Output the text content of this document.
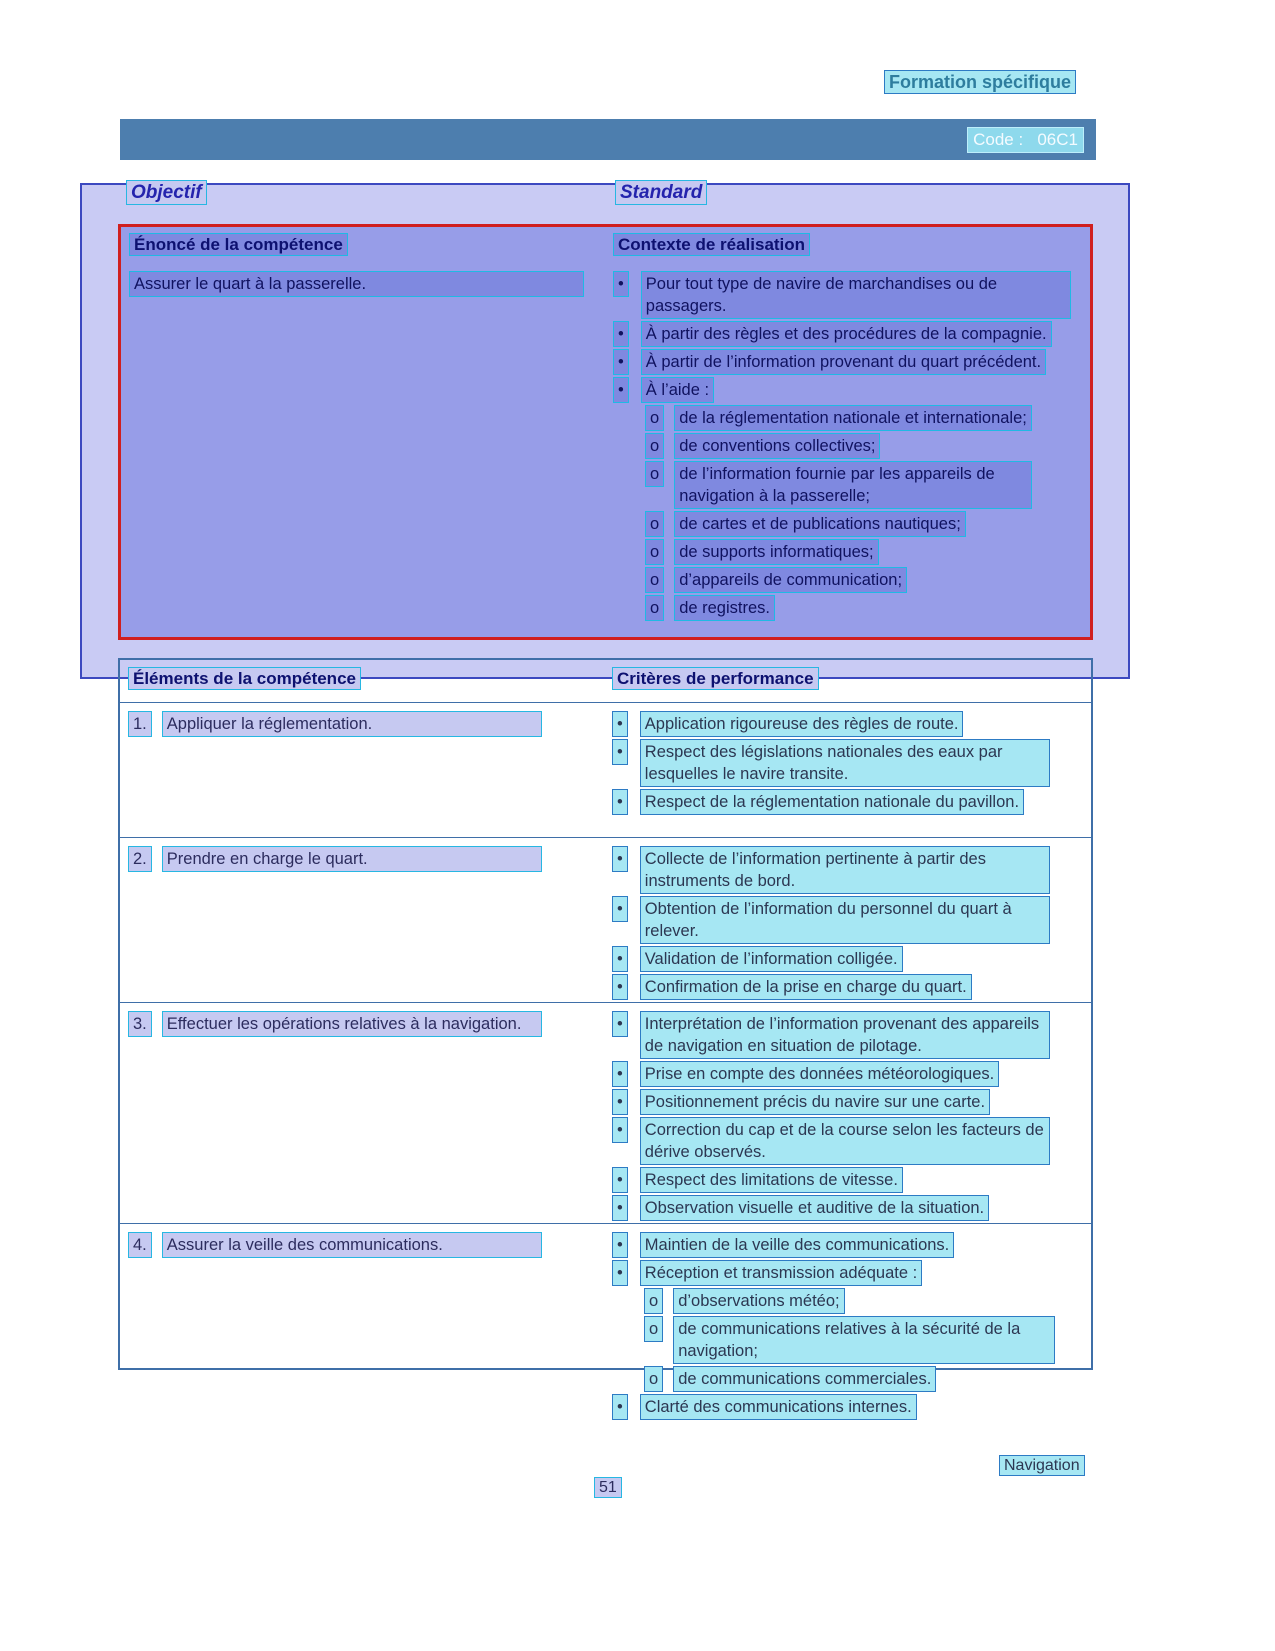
Formation spécifique
Code :   06C1
Objectif	Standard
Énoncé de la compétence	Contexte de réalisation
Assurer le quart à la passerelle.	•	Pour tout type de navire de marchandises ou de passagers.
•	À partir des règles et des procédures de la compagnie.
•	À partir de l’information provenant du quart précédent.
•	À l’aide :
o	de la réglementation nationale et internationale;
o	de conventions collectives;
o	de l’information fournie par les appareils de navigation à la passerelle;
o	de cartes et de publications nautiques;
o	de supports informatiques;
o	d’appareils de communication;
o	de registres.
Éléments de la compétence	Critères de performance
1.	Appliquer la réglementation.	•	Application rigoureuse des règles de route.
•	Respect des législations nationales des eaux par lesquelles le navire transite.
•	Respect de la réglementation nationale du pavillon.
2.	Prendre en charge le quart.	•	Collecte de l’information pertinente à partir des instruments de bord.
•	Obtention de l’information du personnel du quart à relever.
•	Validation de l’information colligée.
•	Confirmation de la prise en charge du quart.
3.	Effectuer les opérations relatives à la navigation.	•	Interprétation de l’information provenant des appareils de navigation en situation de pilotage.
•	Prise en compte des données météorologiques.
•	Positionnement précis du navire sur une carte.
•	Correction du cap et de la course selon les facteurs de dérive observés.
•	Respect des limitations de vitesse.
•	Observation visuelle et auditive de la situation.
4.	Assurer la veille des communications.	•	Maintien de la veille des communications.
•	Réception et transmission adéquate :
o	d’observations météo;
o	de communications relatives à la sécurité de la navigation;
o	de communications commerciales.
•	Clarté des communications internes.
Navigation
51
